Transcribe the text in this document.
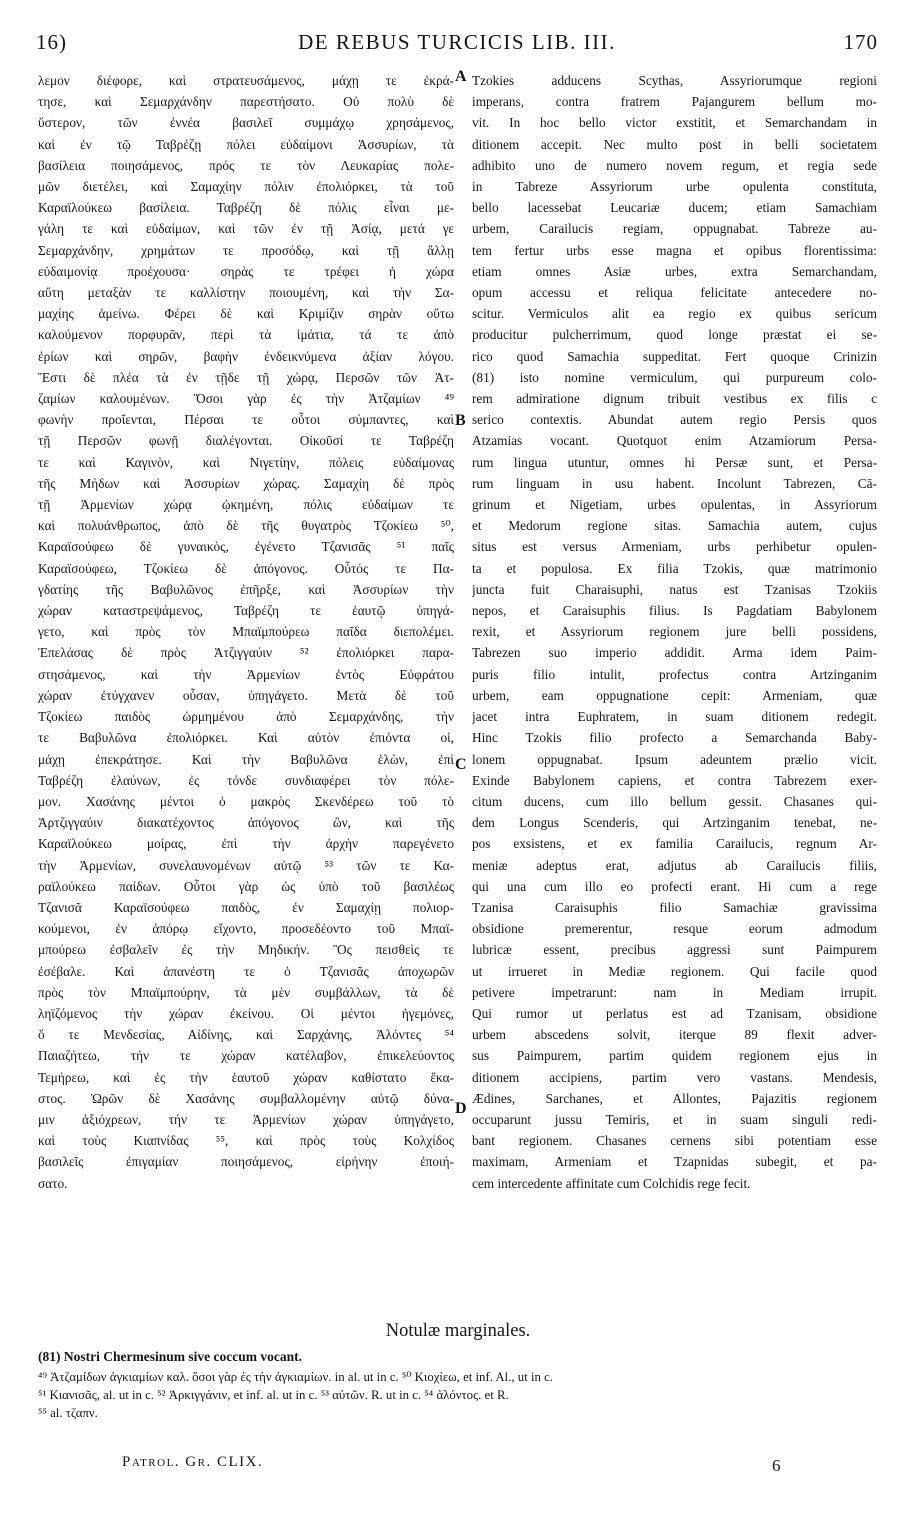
16)	DE REBUS TURCICIS LIB. III.	170
λεμον διέφορε, καὶ στρατευσάμενος, μάχῃ τε ἐκρά-
τησε, καὶ Σεμαρχάνδην παρεστήσατο. Οὐ πολὺ δὲ
ὕστερον, τῶν ἐννέα βασιλεῖ συμμάχῳ χρησάμενος,
καὶ ἐν τῷ Ταβρέζῃ πόλει εὐδαίμονι Ἀσσυρίων, τὰ
βασίλεια ποιησάμενος, πρός τε τὸν Λευκαρίας πολε-
μῶν διετέλει, καὶ Σαμαχίην πόλιν ἐπολιόρκει, τὰ τοῦ
Καραϊλούκεω βασίλεια. Ταβρέζη δὲ πόλις εἶναι με-
γάλη τε καὶ εὐδαίμων, καὶ τῶν ἐν τῇ Ἀσίᾳ, μετά γε
Σεμαρχάνδην, χρημάτων τε προσόδῳ, καὶ τῇ ἄλλῃ
εὐδαιμονίᾳ προέχουσα· σηρὰς τε τρέφει ἡ χώρα
αὕτη μεταξὰν τε καλλίστην ποιουμένη, καὶ τὴν Σα-
μαχίης ἀμείνω. Φέρει δὲ καὶ Κριμίζιν σηρὰν οὕτω
καλούμενον πορφυρᾶν, περὶ τὰ ἱμάτια, τά τε ἀπὸ
ἐρίων καὶ σηρῶν, βαφὴν ἐνδεικνύμενα ἀξίαν λόγου.
Ἔστι δὲ πλέα τὰ ἐν τῇδε τῇ χώρᾳ, Περσῶν τῶν Ἀτ-
ζαμίων καλουμένων. Ὅσοι γὰρ ἐς τὴν Ἀτζαμίων ⁴⁹
φωνὴν προΐενται, Πέρσαι τε οὗτοι σύμπαντες, καὶ
τῇ Περσῶν φωνῇ διαλέγονται. Οἰκοῦσί τε Ταβρέζη
τε καὶ Καγινὸν, καὶ Νιγετίην, πόλεις εὐδαίμονας
τῆς Μήδων καὶ Ἀσσυρίων χώρας. Σαμαχίη δὲ πρὸς
τῇ Ἀρμενίων χώρᾳ ᾠκημένη, πόλις εὐδαίμων τε
καὶ πολυάνθρωπος, ἀπὸ δὲ τῆς θυγατρὸς Τζοκίεω ⁵⁰,
Καραϊσούφεω δὲ γυναικὸς, ἐγένετο Τζανισᾶς ⁵¹ παῖς
Καραϊσούφεω, Τζοκίεω δὲ ἀπόγονος. Οὗτός τε Πα-
γδατίης τῆς Βαβυλῶνος ἐπῆρξε, καὶ Ἀσσυρίων τὴν
χώραν καταστρεψάμενος, Ταβρέζη τε ἑαυτῷ ὑπηγά-
γετο, καὶ πρὸς τὸν Μπαϊμπούρεω παῖδα διεπολέμει.
Ἐπελάσας δὲ πρὸς Ἀτζιγγαύιν ⁵² ἐπολιόρκει παρα-
στησάμενος, καὶ τὴν Ἀρμενίων ἐντὸς Εὐφράτου
χώραν ἐτύγχανεν οὖσαν, ὑπηγάγετο. Μετὰ δὲ τοῦ
Τζοκίεω παιδὸς ὡρμημένου ἀπὸ Σεμαρχάνδης, τὴν
τε Βαβυλῶνα ἐπολιόρκει. Καὶ αὐτὸν ἐπιόντα οἱ,
μάχῃ ἐπεκράτησε. Καὶ τὴν Βαβυλῶνα ἑλὼν, ἐπὶ
Ταβρέζη ἐλαύνων, ἐς τόνδε συνδιαφέρει τὸν πόλε-
μον. Χασάνης μέντοι ὁ μακρὸς Σκενδέρεω τοῦ τὸ
Ἀρτζιγγαύιν διακατέχοντος ἀπόγονος ὢν, καὶ τῆς
Καραϊλούκεω μοίρας, ἐπὶ τὴν ἀρχὴν παρεγένετο
τὴν Ἀρμενίων, συνελαυνομένων αὐτῷ ⁵³ τῶν τε Κα-
ραϊλούκεω παίδων. Οὗτοι γὰρ ὡς ὑπὸ τοῦ βασιλέως
Τζανισᾶ Καραϊσούφεω παιδὸς, ἐν Σαμαχίῃ πολιορ-
κούμενοι, ἐν ἀπόρῳ εἴχοντο, προσεδέοντο τοῦ Μπαϊ-
μπούρεω ἐσβαλεῖν ἐς τὴν Μηδικήν. Ὃς πεισθεὶς τε
ἐσέβαλε. Καὶ ἀπανέστη τε ὁ Τζανισᾶς ἀποχωρῶν
πρὸς τὸν Μπαϊμπούρην, τὰ μὲν συμβάλλων, τὰ δὲ
ληϊζόμενος τὴν χώραν ἐκείνου. Οἱ μέντοι ἡγεμόνες,
ὅ τε Μενδεσίας, Αἰδίνης, καὶ Σαρχάνης, Ἀλόντες ⁵⁴
Παιαζήτεω, τήν τε χώραν κατέλαβον, ἐπικελεύοντος
Τεμήρεω, καὶ ἐς τὴν ἑαυτοῦ χώραν καθίστατο ἕκα-
στος. Ὡρῶν δὲ Χασάνης συμβαλλομένην αὐτῷ δύνα-
μιν ἀξιόχρεων, τήν τε Ἀρμενίων χώραν ὑπηγάγετο,
καὶ τοὺς Κιαπνίδας ⁵⁵, καὶ πρὸς τοὺς Κολχίδος
βασιλεῖς ἐπιγαμίαν ποιησάμενος, εἰρήνην ἐποιή-
σατο.
A
B
C
D
Tzokies adducens Scythas, Assyriorumque regioni
imperans, contra fratrem Pajangurem bellum mo-
vit. In hoc bello victor exstitit, et Semarchandam in
ditionem accepit. Nec multo post in belli societatem
adhibito uno de numero novem regum, et regia sede
in Tabreze Assyriorum urbe opulenta constituta,
bello lacessebat Leucariæ ducem; etiam Samachiam
urbem, Carailucis regiam, oppugnabat. Tabreze au-
tem fertur urbs esse magna et opibus florentissima:
etiam omnes Asiæ urbes, extra Semarchandam,
opum accessu et reliqua felicitate antecedere no-
scitur. Vermiculos alit ea regio ex quibus sericum
producitur pulcherrimum, quod longe præstat ei se-
rico quod Samachia suppeditat. Fert quoque Crinizin
(81) isto nomine vermiculum, qui purpureum colo-
rem admiratione dignum tribuit vestibus ex filis c
serico contextis. Abundat autem regio Persis quos
Atzamias vocant. Quotquot enim Atzamiorum Persa-
rum lingua utuntur, omnes hi Persæ sunt, et Persa-
rum linguam in usu habent. Incolunt Tabrezen, Cā-
grinum et Nigetiam, urbes opulentas, in Assyriorum
et Medorum regione sitas. Samachia autem, cujus
situs est versus Armeniam, urbs perhibetur opulen-
ta et populosa. Ex filia Tzokis, quæ matrimonio
juncta fuit Charaisuphi, natus est Tzanisas Tzokiis
nepos, et Caraisuphis filius. Is Pagdatiam Babylonem
rexit, et Assyriorum regionem jure belli possidens,
Tabrezen suo imperio addidit. Arma idem Paim-
puris filio intulit, profectus contra Artzinganim
urbem, eam oppugnatione cepit: Armeniam, quæ
jacet intra Euphratem, in suam ditionem redegit.
Hinc Tzokis filio profecto a Semarchanda Baby-
lonem oppugnabat. Ipsum adeuntem prælio vicit.
Exinde Babylonem capiens, et contra Tabrezem exer-
citum ducens, cum illo bellum gessit. Chasanes qui-
dem Longus Scenderis, qui Artzinganim tenebat, ne-
pos exsistens, et ex familia Carailucis, regnum Ar-
meniæ adeptus erat, adjutus ab Carailucis filiis,
qui una cum illo eo profecti erant. Hi cum a rege
Tzanisa Caraisuphis filio Samachiæ gravissima
obsidione premerentur, resque eorum admodum
lubricæ essent, precibus aggressi sunt Paimpurem
ut irrueret in Mediæ regionem. Qui facile quod
petivere impetrarunt: nam in Mediam irrupit.
Qui rumor ut perlatus est ad Tzanisam, obsidione
urbem abscedens solvit, iterque 89 flexit adver-
sus Paimpurem, partim quidem regionem ejus in
ditionem accipiens, partim vero vastans. Mendesis,
Ædines, Sarchanes, et Allontes, Pajazitis regionem
occuparunt jussu Temiris, et in suam singuli redi-
bant regionem. Chasanes cernens sibi potentiam esse
maximam, Armeniam et Tzapnidas subegit, et pa-
cem intercedente affinitate cum Colchidis rege fecit.
Notulæ marginales.
(81) Nostri Chermesinum sive coccum vocant.
⁴⁹ Ἀτζαμίδων ἀγκιαμίων καλ. ὅσοι γὰρ ἐς τὴν ἀγκιαμίων. in al. ut in c. ⁵⁰ Κιοχίεω, et inf. Al., ut in c.
⁵¹ Κιανισᾶς, al. ut in c. ⁵² Ἀρκιγγάνιν, et inf. al. ut in c. ⁵³ αὐτῶν. R. ut in c. ⁵⁴ ἀλόντος. et R.
⁵⁵ al. τζαπν.
Patrol. Gr. CLIX.	6
